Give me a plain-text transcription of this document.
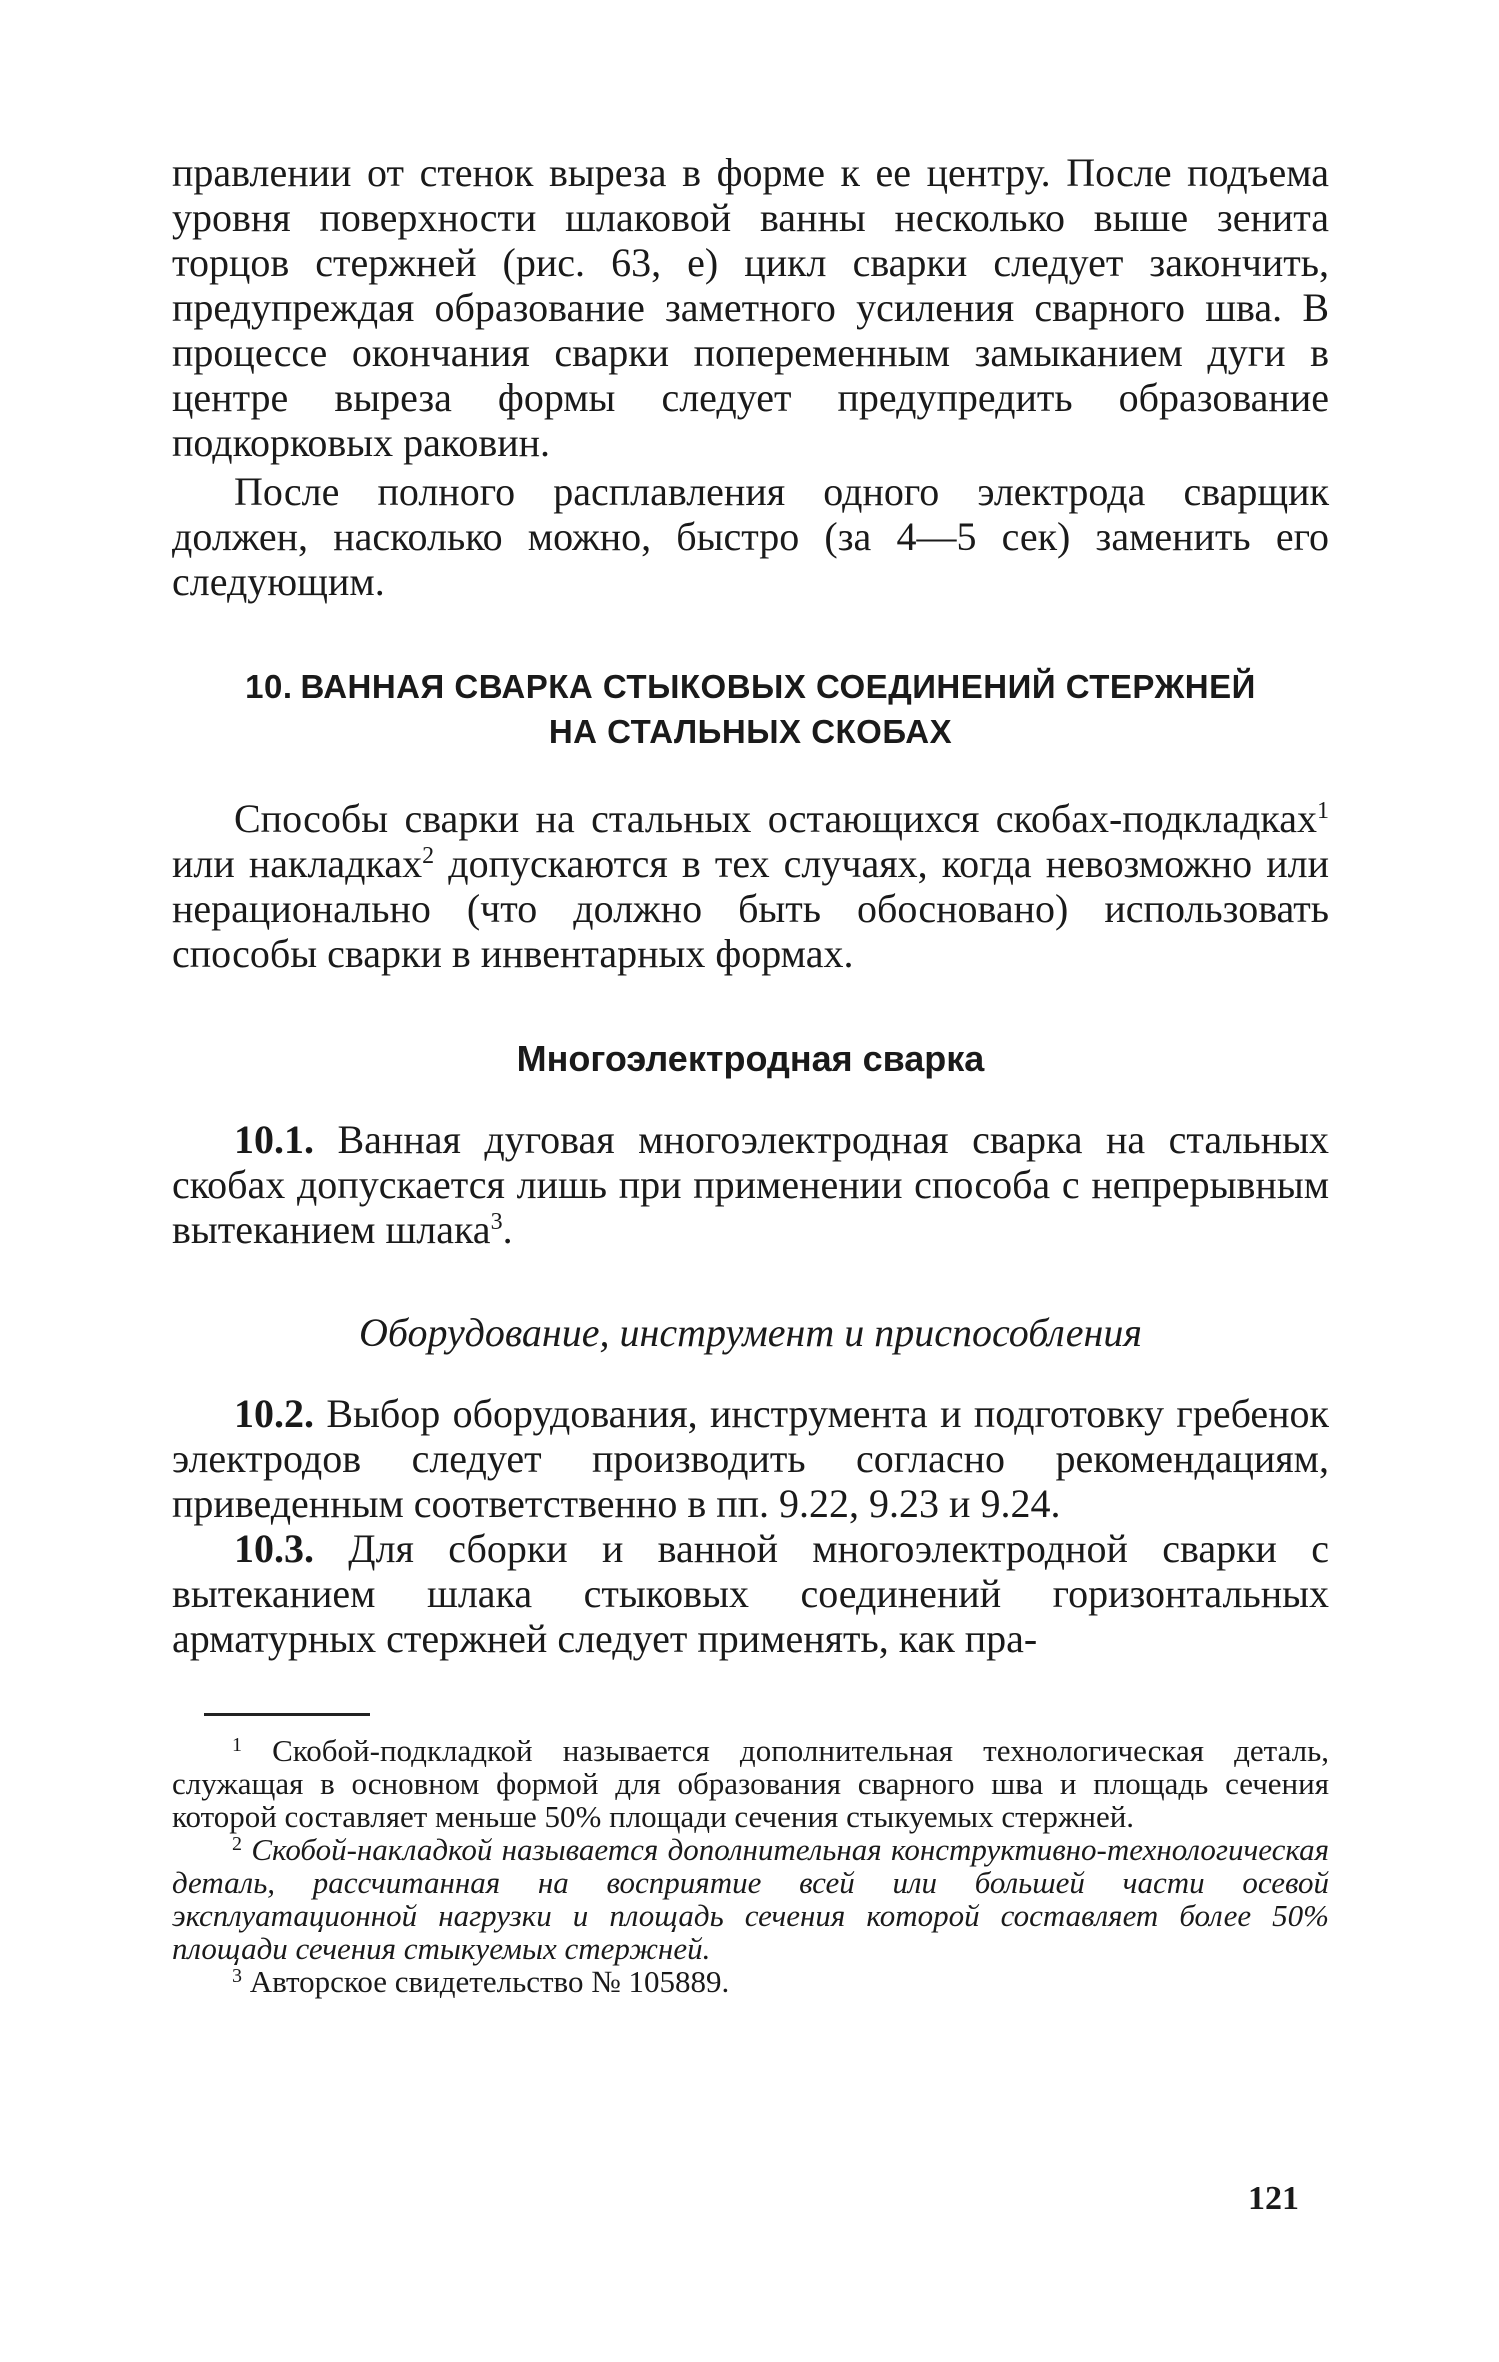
правлении от стенок выреза в форме к ее центру. После подъема уровня поверхности шлаковой ванны несколько выше зенита торцов стержней (рис. 63, е) цикл сварки следует закончить, предупреждая образование заметного усиления сварного шва. В процессе окончания сварки попеременным замыканием дуги в центре выреза формы следует предупредить образование подкорковых раковин.

После полного расплавления одного электрода сварщик должен, насколько можно, быстро (за 4—5 сек) заменить его следующим.

10. ВАННАЯ СВАРКА СТЫКОВЫХ СОЕДИНЕНИЙ СТЕРЖНЕЙ
НА СТАЛЬНЫХ СКОБАХ

Способы сварки на стальных остающихся скобах-подкладках$^1$ или накладках$^2$ допускаются в тех случаях, когда невозможно или нерационально (что должно быть обосновано) использовать способы сварки в инвентарных формах.

Многоэлектродная сварка

10.1. Ванная дуговая многоэлектродная сварка на стальных скобах допускается лишь при применении способа с непрерывным вытеканием шлака$^3$.

Оборудование, инструмент и приспособления

10.2. Выбор оборудования, инструмента и подготовку гребенок электродов следует производить согласно рекомендациям, приведенным соответственно в пп. 9.22, 9.23 и 9.24.

10.3. Для сборки и ванной многоэлектродной сварки с вытеканием шлака стыковых соединений горизонтальных арматурных стержней следует применять, как пра-

$^1$ Скобой-подкладкой называется дополнительная технологическая деталь, служащая в основном формой для образования сварного шва и площадь сечения которой составляет меньше 50% площади сечения стыкуемых стержней.

$^2$ Скобой-накладкой называется дополнительная конструктивно-технологическая деталь, рассчитанная на восприятие всей или большей части осевой эксплуатационной нагрузки и площадь сечения которой составляет более 50% площади сечения стыкуемых стержней.

$^3$ Авторское свидетельство № 105889.

121
